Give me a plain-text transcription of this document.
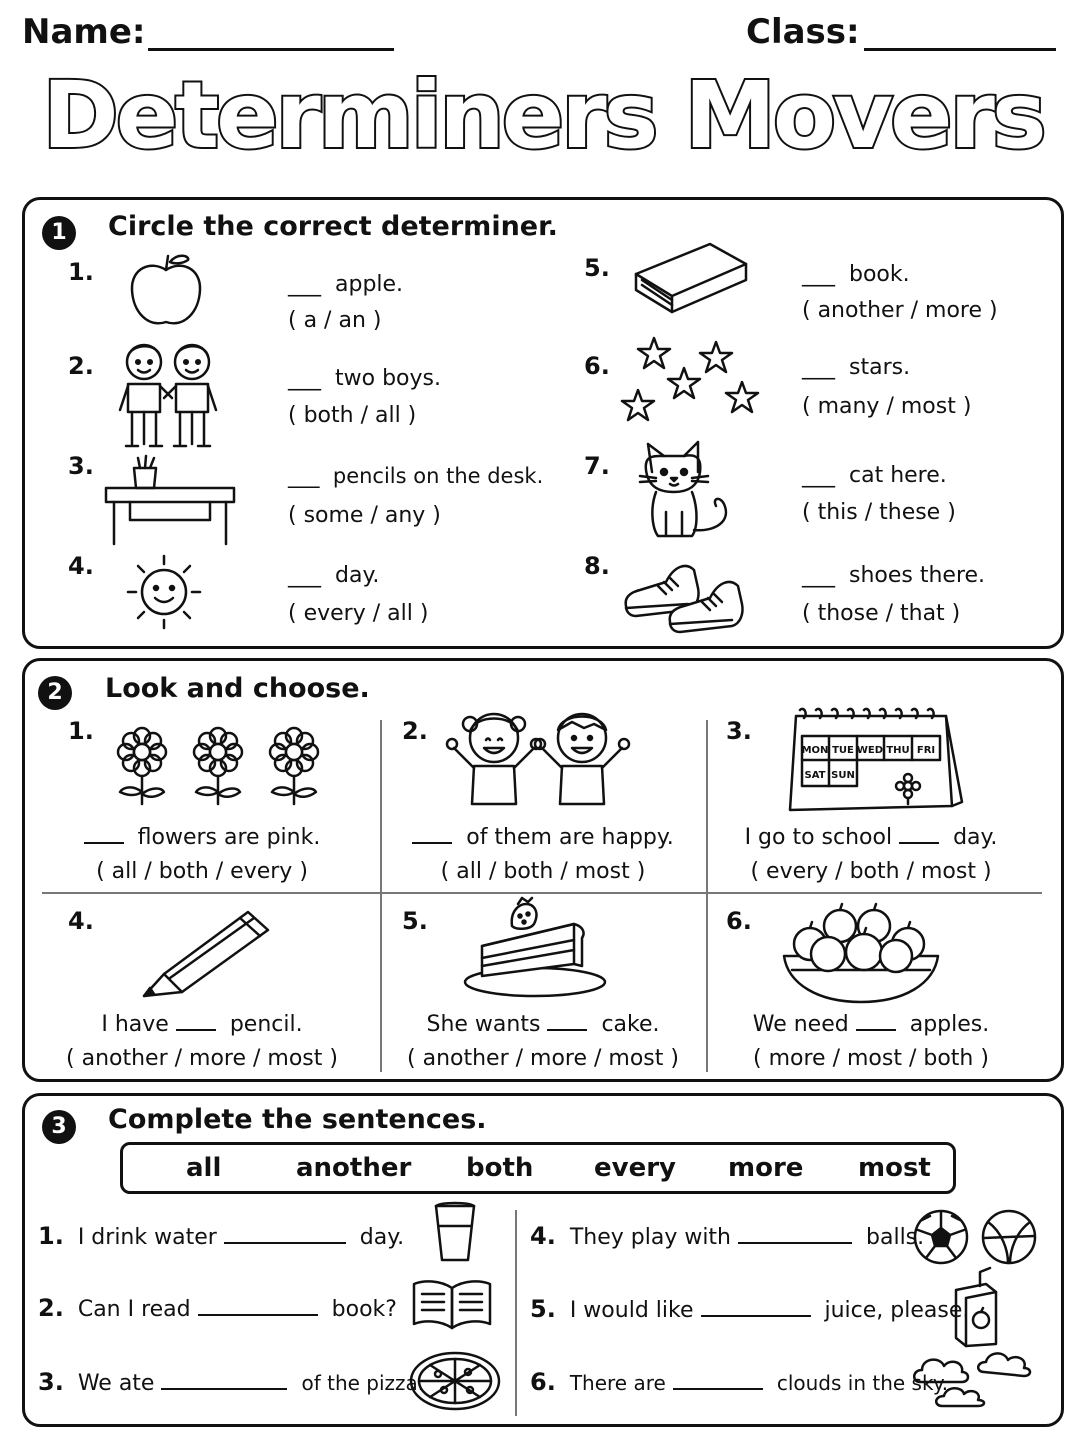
Name:	Class:
Determiners Movers
1	Circle the correct determiner.
1.	___ apple.
( a / an )
2.	___ two boys.
( both / all )
3.	___ pencils on the desk.
( some / any )
4.	___ day.
( every / all )
5.	___ book.
( another / more )
6.	___ stars.
( many / most )
7.	___ cat here.
( this / these )
8.	___ shoes there.
( those / that )
2	Look and choose.
1.
flowers are pink.
( all / both / every )
2.
of them are happy.
( all / both / most )
3.
MON TUE WED THU FRI
SAT SUN
I go to school	day.
( every / both / most )
4.
I have	pencil.
( another / more / most )
5.
She wants	cake.
( another / more / most )
6.
We need	apples.
( more / most / both )
3	Complete the sentences.
all	another both every more most
1. I drink water	day.
2. Can I read	book?
3. We ate	of the pizza.
4. They play with	balls.
5. I would like	juice, please.
6. There are	clouds in the sky.
